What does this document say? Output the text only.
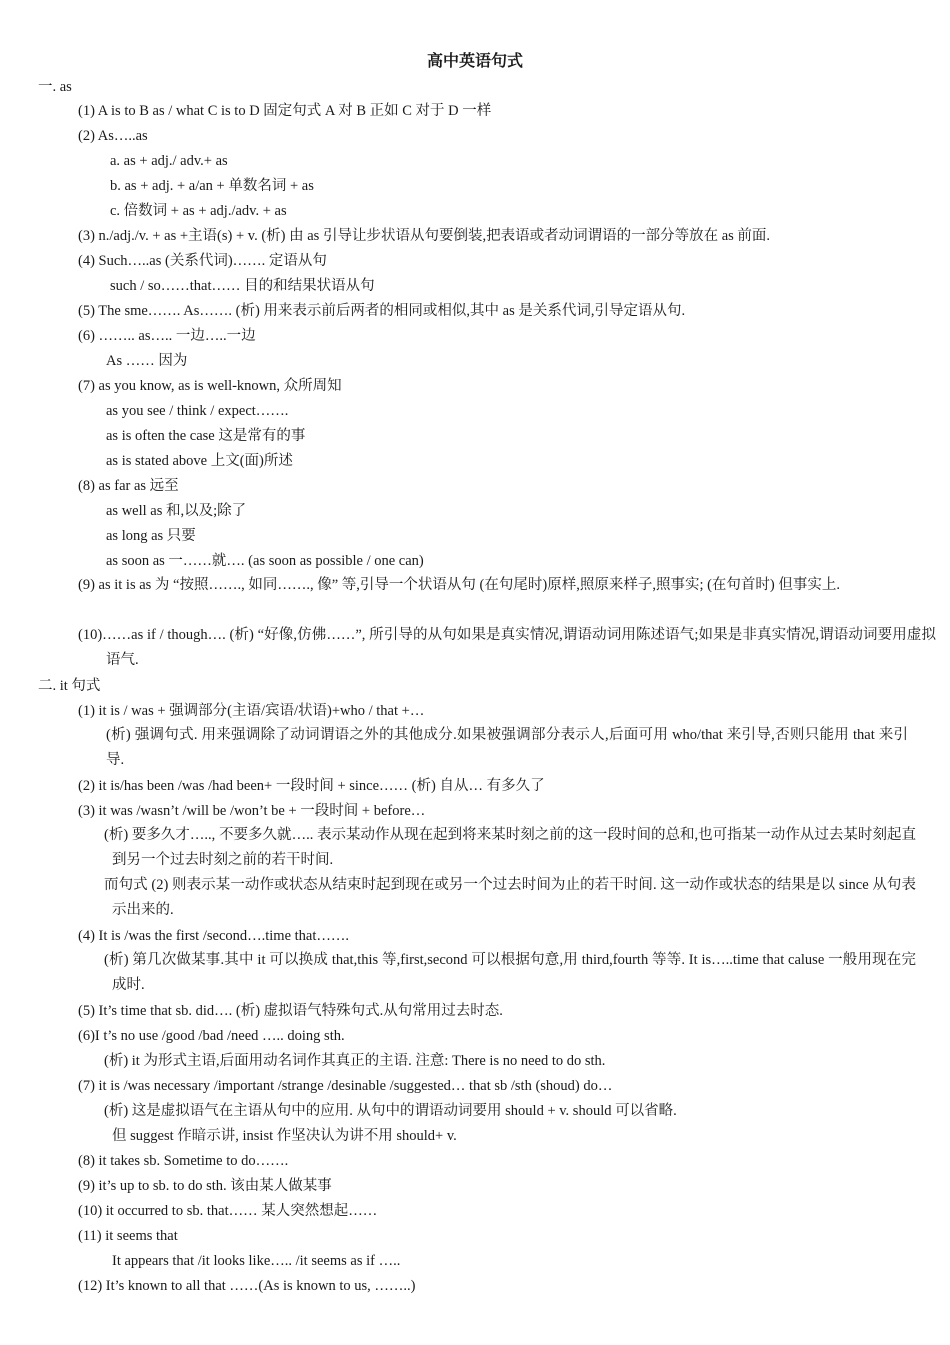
高中英语句式
一. as
(1) A is to B as / what C is to D 固定句式 A 对 B 正如 C 对于 D 一样
(2) As…..as
a. as + adj./ adv.+ as
b. as + adj. + a/an + 单数名词 + as
c. 倍数词 + as + adj./adv. + as
(3) n./adj./v. + as +主语(s) + v. (析) 由 as 引导让步状语从句要倒装,把表语或者动词谓语的一部分等放在 as 前面.
(4) Such…..as (关系代词)……. 定语从句
such / so……that…… 目的和结果状语从句
(5) The sme……. As……. (析) 用来表示前后两者的相同或相似,其中 as 是关系代词,引导定语从句.
(6) …….. as….. 一边…..一边
As …… 因为
(7) as you know, as is well-known, 众所周知
as you see / think / expect…….
as is often the case 这是常有的事
as is stated above 上文(面)所述
(8) as far as 远至
as well as 和,以及;除了
as long as 只要
as soon as 一……就…. (as soon as possible / one can)
(9) as it is as 为 “按照……., 如同……., 像” 等,引导一个状语从句 (在句尾时)原样,照原来样子,照事实; (在句首时) 但事实上.
(10)……as if / though…. (析) “好像,仿佛……”, 所引导的从句如果是真实情况,谓语动词用陈述语气;如果是非真实情况,谓语动词要用虚拟语气.
二. it 句式
(1) it is / was + 强调部分(主语/宾语/状语)+who / that +…
(析) 强调句式. 用来强调除了动词谓语之外的其他成分.如果被强调部分表示人,后面可用 who/that 来引导,否则只能用 that 来引导.
(2) it is/has been /was /had been+ 一段时间 + since…… (析) 自从… 有多久了
(3) it was /wasn’t /will be /won’t be + 一段时间 + before…
(析) 要多久才….., 不要多久就….. 表示某动作从现在起到将来某时刻之前的这一段时间的总和,也可指某一动作从过去某时刻起直到另一个过去时刻之前的若干时间.
而句式 (2) 则表示某一动作或状态从结束时起到现在或另一个过去时间为止的若干时间. 这一动作或状态的结果是以 since 从句表示出来的.
(4) It is /was the first /second….time that…….
(析) 第几次做某事.其中 it 可以换成 that,this 等,first,second 可以根据句意,用 third,fourth 等等. It is…..time that caluse 一般用现在完成时.
(5) It’s time that sb. did…. (析) 虚拟语气特殊句式.从句常用过去时态.
(6)I t’s no use /good /bad /need ….. doing sth.
(析) it 为形式主语,后面用动名词作其真正的主语. 注意: There is no need to do sth.
(7) it is /was necessary /important /strange /desinable /suggested… that sb /sth (shoud) do…
(析) 这是虚拟语气在主语从句中的应用. 从句中的谓语动词要用 should + v. should 可以省略.
但 suggest 作暗示讲, insist 作坚决认为讲不用 should+ v.
(8) it takes sb. Sometime to do…….
(9) it’s up to sb. to do sth. 该由某人做某事
(10) it occurred to sb. that…… 某人突然想起……
(11) it seems that
It appears that /it looks like….. /it seems as if …..
(12) It’s known to all that ……(As is known to us, ……..)
